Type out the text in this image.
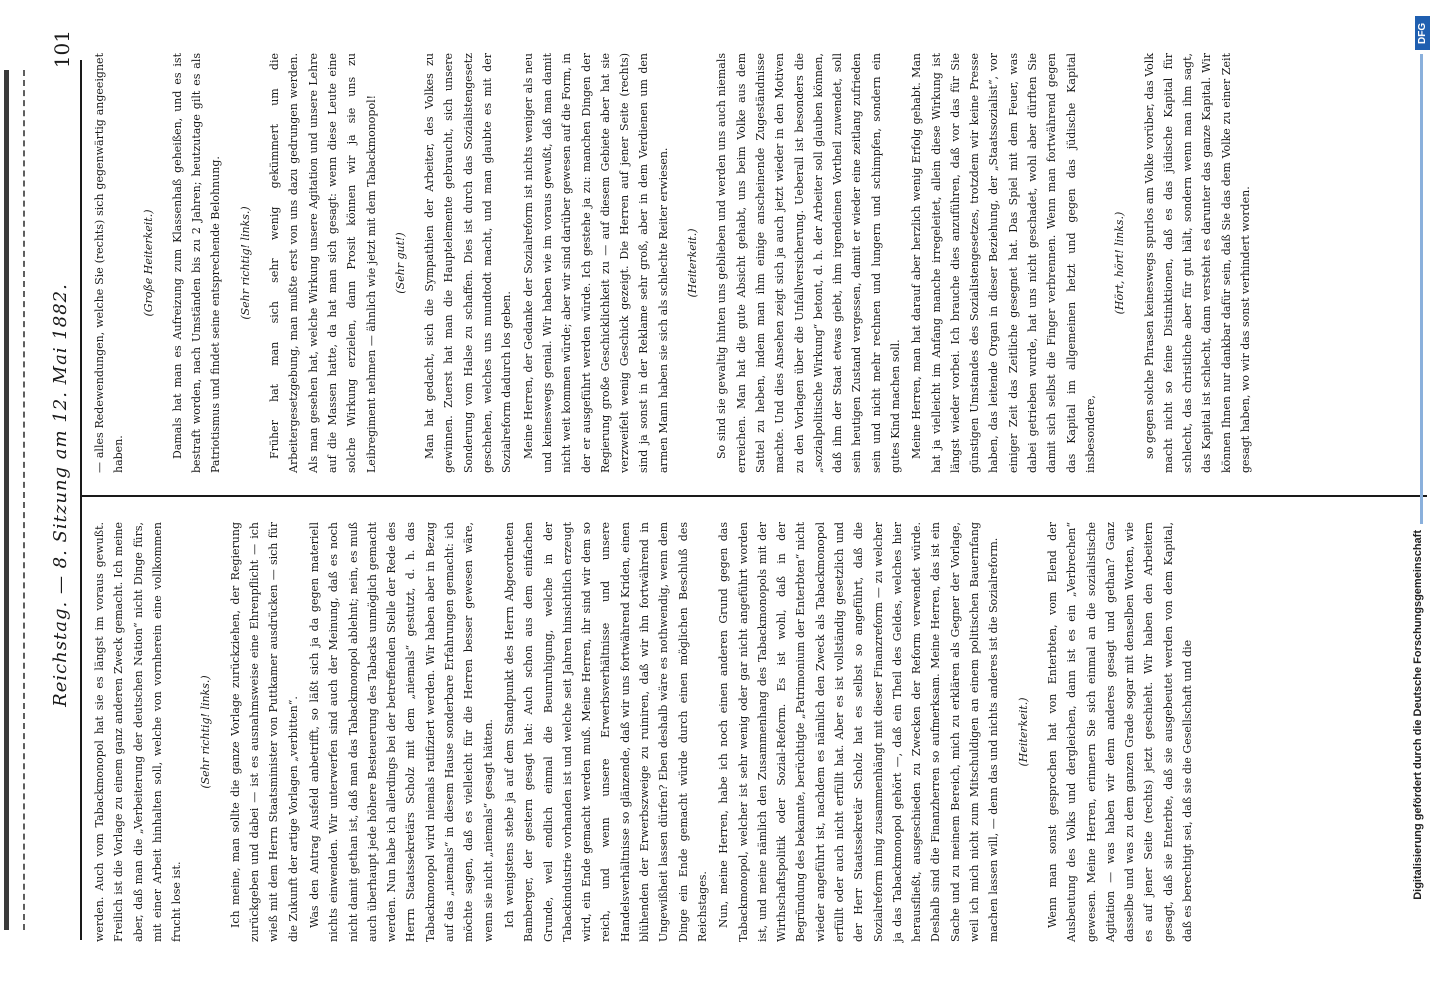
Reichstag. — 8. Sitzung am 12. Mai 1882.
101

werden. Auch vom Tabackmonopol hat sie es längst im voraus gewußt. Freilich ist die Vorlage zu einem ganz anderen Zweck gemacht. Ich meine aber, daß man die „Verbeiterung der deutschen Nation“ nicht Dinge fürs, mit einer Arbeit hinhalten soll, welche von vornherein eine vollkommen frucht lose ist.

(Sehr richtig! links.) Ich meine, man sollte die ganze Vorlage zurückziehen, der Regierung zurückgeben und dabei — ist es ausnahmsweise eine Ehrenpflicht — ich wieß mit dem Herrn Staatsminister von Puttkamer ausdrücken — sich für die Zukunft der artige Vorlagen „verbitten“. Was den Antrag Ausfeld anbetrifft, so läßt sich ja da gegen materiell nichts einwenden. Wir unterwerfen sind auch der Meinung, daß es noch nicht damit gethan ist, daß man das Tabackmonopol ablehnt; nein, es muß auch überhaupt jede höhere Besteuerung des Tabacks unmöglich gemacht werden. Nun habe ich allerdings bei der betreffenden Stelle der Rede des Herrn Staatssekretärs Scholz mit dem „niemals“ gestutzt, d. h. das Tabackmonopol wird niemals ratifiziert werden. Wir haben aber in Bezug auf das „niemals“ in diesem Hause sonderbare Erfahrungen gemacht: ich möchte sagen, daß es vielleicht für die Herren besser gewesen wäre, wenn sie nicht „niemals“ gesagt hätten. Ich wenigstens stehe ja auf dem Standpunkt des Herrn Abgeordneten Bamberger, der gestern gesagt hat: Auch schon aus dem einfachen Grunde, weil endlich einmal die Beunruhigung, welche in der Tabackindustrie vorhanden ist und welche seit Jahren hinsichtlich erzeugt wird, ein Ende gemacht werden muß. Meine Herren, ihr sind wir dem so reich, und wenn unsere Erwerbsverhältnisse und unsere Handelsverhältnisse so glänzende, daß wir uns fortwährend Kriden, einen blühenden der Erwerbszweige zu ruiniren, daß wir ihn fortwährend in Ungewißheit lassen dürfen? Eben deshalb wäre es nothwendig, wenn dem Dinge ein Ende gemacht würde durch einen möglichen Beschluß des Reichstages. Nun, meine Herren, habe ich noch einen anderen Grund gegen das Tabackmonopol, welcher ist sehr wenig oder gar nicht angeführt worden ist, und meine nämlich den Zusammenhang des Tabackmonopols mit der Wirthschaftspolitik oder Sozial-Reform. Es ist wohl, daß in der Begründung des bekannte, berüchtigte „Patrimonium der Enterbten“ nicht wieder angeführt ist, nachdem es nämlich den Zweck als Tabackmonopol erfüllt oder auch nicht erfüllt hat. Aber es ist vollständig gesetzlich und der Herr Staatssekretär Scholz hat es selbst so angeführt, daß die Sozialreform innig zusammenhängt mit dieser Finanzreform — zu welcher ja das Tabackmonopol gehört —, daß ein Theil des Geldes, welches hier herausfließt, ausgeschieden zu Zwecken der Reform verwendet würde. Deshalb sind die Finanzherren so aufmerksam. Meine Herren, das ist ein Sache und zu meinem Bereich, mich zu erklären als Gegner der Vorlage, weil ich mich nicht zum Mitschuldigen an einem politischen Bauernfang machen lassen will, — denn das und nichts anderes ist die Sozialreform. (Heiterkeit.) Wenn man sonst gesprochen hat von Enterbten, vom Elend der Ausbeutung des Volks und dergleichen, dann ist es ein „Verbrechen“ gewesen. Meine Herren, erinnern Sie sich einmal an die sozialistische Agitation — was haben wir denn anderes gesagt und gethan? Ganz dasselbe und was zu dem ganzen Grade sogar mit denselben Worten, wie es auf jener Seite (rechts) jetzt geschieht. Wir haben den Arbeitern gesagt, daß sie Enterbte, daß sie ausgebeutet werden von dem Kapital, daß es berechtigt sei, daß sie die Gesellschaft und die

— alles Redewendungen, welche Sie (rechts) sich gegenwärtig angeeignet haben.

(Große Heiterkeit.) Damals hat man es Aufreizung zum Klassenhaß geheißen, und es ist bestraft worden, nach Umständen bis zu 2 Jahren; heutzutage gilt es als Patriotismus und findet seine entsprechende Belohnung. (Sehr richtig! links.) Früher hat man sich sehr wenig gekümmert um die Arbeitergesetzgebung, man mußte erst von uns dazu gedrungen werden. Als man gesehen hat, welche Wirkung unsere Agitation und unsere Lehre auf die Massen hatte, da hat man sich gesagt: wenn diese Leute eine solche Wirkung erzielen, dann Prosit können wir ja sie uns zu Leibregiment nehmen — ähnlich wie jetzt mit dem Tabackmonopol! (Sehr gut!) Man hat gedacht, sich die Sympathien der Arbeiter, des Volkes zu gewinnen. Zuerst hat man die Hauptelemente gebraucht, sich unsere Sonderung vom Halse zu schaffen. Dies ist durch das Sozialistengesetz geschehen, welches uns mundtodt macht, und man glaubte es mit der Sozialreform dadurch los geben. Meine Herren, der Gedanke der Sozialreform ist nichts weniger als neu und keineswegs genial. Wir haben wie im voraus gewußt, daß man damit nicht weit kommen würde; aber wir sind darüber gewesen auf die Form, in der er ausgeführt werden würde. Ich gestehe ja zu: manchen Dingen der Regierung große Geschicklichkeit zu — auf diesem Gebiete aber hat sie verzweifelt wenig Geschick gezeigt. Die Herren auf jener Seite (rechts) sind ja sonst in der Reklame sehr groß, aber in dem Verdienen um den armen Mann haben sie sich als schlechte Reiter erwiesen. (Heiterkeit.) So sind sie gewaltig hinten uns geblieben und werden uns auch niemals erreichen. Man hat die gute Absicht gehabt, uns beim Volke aus dem Sattel zu heben, indem man ihm einige anscheinende Zugeständnisse machte. Und dies Ansehen zeigt sich ja auch jetzt wieder in den Motiven zu den Vorlagen über die Unfallversicherung. Ueberall ist besonders die „sozialpolitische Wirkung“ betont, d. h. der Arbeiter soll glauben können, daß ihm der Staat etwas giebt, ihm irgendeinen Vortheil zuwendet, soll sein heutigen Zustand vergessen, damit er wieder eine zeitlang zufrieden sein und nicht mehr rechnen und lungern und schimpfen, sondern ein gutes Kind machen soll. Meine Herren, man hat darauf aber herzlich wenig Erfolg gehabt. Man hat ja vielleicht im Anfang manche irregeleitet, allein diese Wirkung ist längst wieder vorbei. Ich brauche dies anzuführen, daß vor das für Sie günstigen Umstandes des Sozialistengesetzes, trotzdem wir keine Presse haben, das leitende Organ in dieser Beziehung, der „Staatssozialist“, vor einiger Zeit das Zeitliche gesegnet hat. Das Spiel mit dem Feuer, was dabei getrieben wurde, hat uns nicht geschadet, wohl aber dürften Sie damit sich selbst die Finger verbrennen. Wenn man fortwährend gegen das Kapital im allgemeinen hetzt und gegen das jüdische Kapital insbesondere,

(Hört, hört! links.) so gegen solche Phrasen keineswegs spurlos am Volke vorüber, das Volk macht nicht so feine Distinktionen, daß es das jüdische Kapital für schlecht, das christliche aber für gut hält, sondern wenn man ihm sagt, das Kapital ist schlecht, dann versteht es darunter das ganze Kapital. Wir können Ihnen nur dankbar dafür sein, daß Sie das dem Volke zu einer Zeit gesagt haben, wo wir das sonst verhindert worden.

DFG
Digitalisierung gefördert durch die Deutsche Forschungsgemeinschaft
